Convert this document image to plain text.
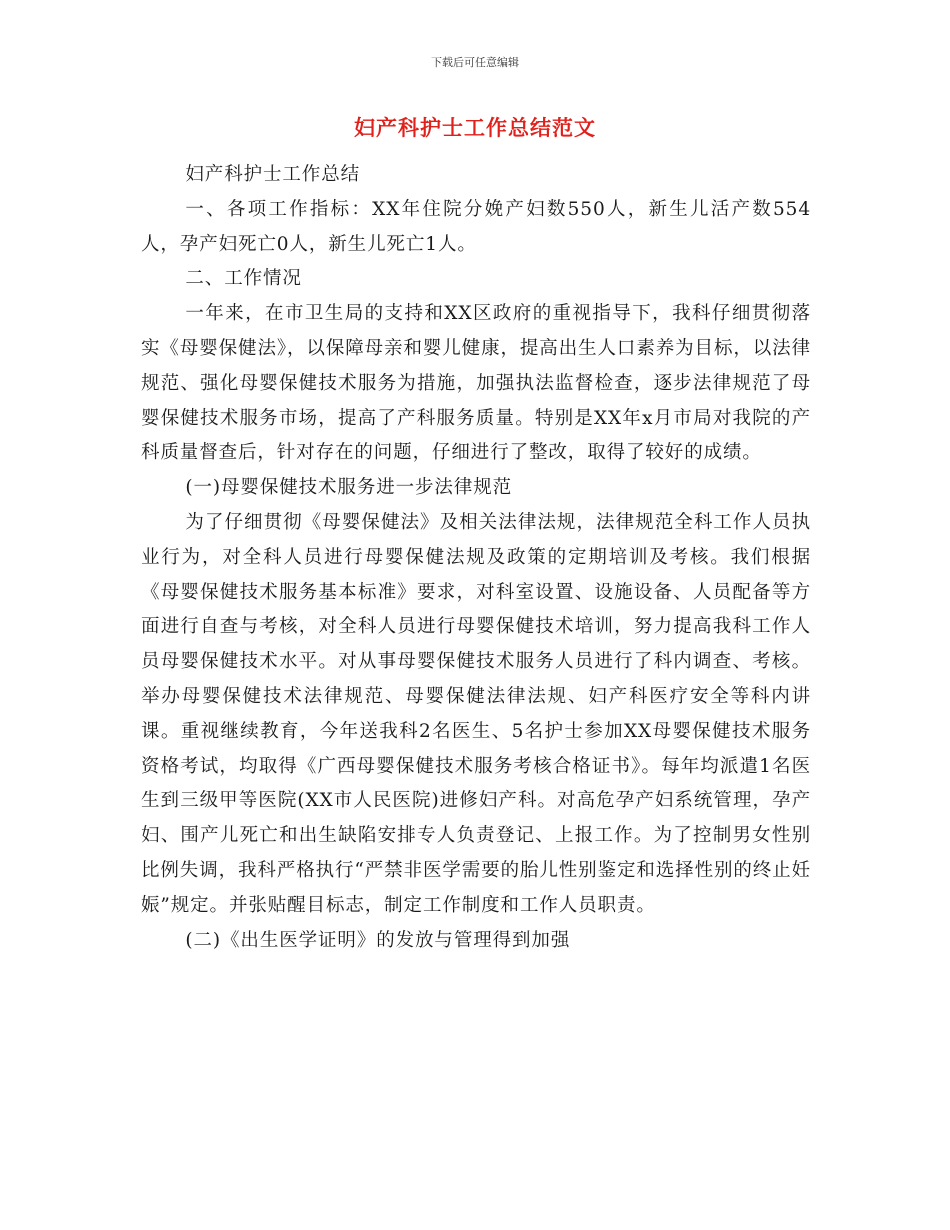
下载后可任意编辑
妇产科护士工作总结范文

妇产科护士工作总结

一、各项工作指标：XX年住院分娩产妇数550人，新生儿活产数554人，孕产妇死亡0人，新生儿死亡1人。

二、工作情况

一年来，在市卫生局的支持和XX区政府的重视指导下，我科仔细贯彻落实《母婴保健法》，以保障母亲和婴儿健康，提高出生人口素养为目标，以法律规范、强化母婴保健技术服务为措施，加强执法监督检查，逐步法律规范了母婴保健技术服务市场，提高了产科服务质量。特别是XX年x月市局对我院的产科质量督查后，针对存在的问题，仔细进行了整改，取得了较好的成绩。

(一)母婴保健技术服务进一步法律规范

为了仔细贯彻《母婴保健法》及相关法律法规，法律规范全科工作人员执业行为，对全科人员进行母婴保健法规及政策的定期培训及考核。我们根据《母婴保健技术服务基本标准》要求，对科室设置、设施设备、人员配备等方面进行自查与考核，对全科人员进行母婴保健技术培训，努力提高我科工作人员母婴保健技术水平。对从事母婴保健技术服务人员进行了科内调查、考核。举办母婴保健技术法律规范、母婴保健法律法规、妇产科医疗安全等科内讲课。重视继续教育，今年送我科2名医生、5名护士参加XX母婴保健技术服务资格考试，均取得《广西母婴保健技术服务考核合格证书》。每年均派遣1名医生到三级甲等医院(XX市人民医院)进修妇产科。对高危孕产妇系统管理，孕产妇、围产儿死亡和出生缺陷安排专人负责登记、上报工作。为了控制男女性别比例失调，我科严格执行“严禁非医学需要的胎儿性别鉴定和选择性别的终止妊娠”规定。并张贴醒目标志，制定工作制度和工作人员职责。

(二)《出生医学证明》的发放与管理得到加强
